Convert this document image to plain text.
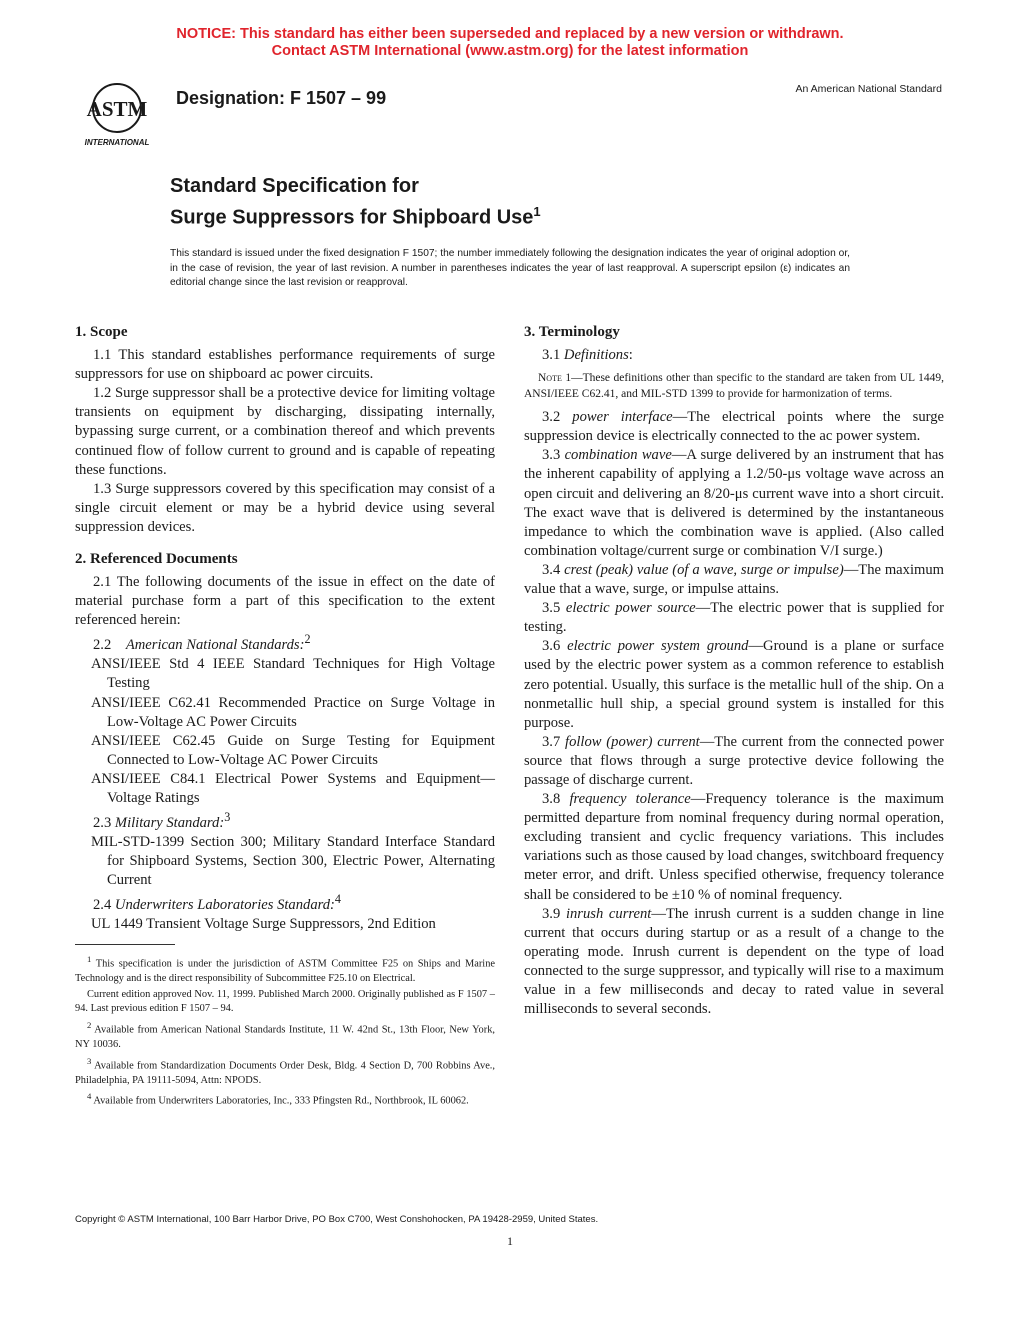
NOTICE: This standard has either been superseded and replaced by a new version or withdrawn.
Contact ASTM International (www.astm.org) for the latest information
ASTM
INTERNATIONAL
Designation: F 1507 – 99	An American National Standard
Standard Specification for
Surge Suppressors for Shipboard Use$^1$
This standard is issued under the fixed designation F 1507; the number immediately following the designation indicates the year of original adoption or, in the case of revision, the year of last revision. A number in parentheses indicates the year of last reapproval. A superscript epsilon (ε) indicates an editorial change since the last revision or reapproval.
1. Scope

1.1 This standard establishes performance requirements of surge suppressors for use on shipboard ac power circuits.

1.2 Surge suppressor shall be a protective device for limiting voltage transients on equipment by discharging, dissipating internally, bypassing surge current, or a combination thereof and which prevents continued flow of follow current to ground and is capable of repeating these functions.

1.3 Surge suppressors covered by this specification may consist of a single circuit element or may be a hybrid device using several suppression devices.

2. Referenced Documents

2.1 The following documents of the issue in effect on the date of material purchase form a part of this specification to the extent referenced herein:

2.2 American National Standards:$^2$

ANSI/IEEE Std 4 IEEE Standard Techniques for High Voltage Testing

ANSI/IEEE C62.41 Recommended Practice on Surge Voltage in Low-Voltage AC Power Circuits

ANSI/IEEE C62.45 Guide on Surge Testing for Equipment Connected to Low-Voltage AC Power Circuits

ANSI/IEEE C84.1 Electrical Power Systems and Equipment—Voltage Ratings

2.3 Military Standard:$^3$

MIL-STD-1399 Section 300; Military Standard Interface Standard for Shipboard Systems, Section 300, Electric Power, Alternating Current

2.4 Underwriters Laboratories Standard:$^4$

UL 1449 Transient Voltage Surge Suppressors, 2nd Edition

$^1$ This specification is under the jurisdiction of ASTM Committee F25 on Ships and Marine Technology and is the direct responsibility of Subcommittee F25.10 on Electrical.

Current edition approved Nov. 11, 1999. Published March 2000. Originally published as F 1507 – 94. Last previous edition F 1507 – 94.

$^2$ Available from American National Standards Institute, 11 W. 42nd St., 13th Floor, New York, NY 10036.

$^3$ Available from Standardization Documents Order Desk, Bldg. 4 Section D, 700 Robbins Ave., Philadelphia, PA 19111-5094, Attn: NPODS.

$^4$ Available from Underwriters Laboratories, Inc., 333 Pfingsten Rd., Northbrook, IL 60062.

3. Terminology

3.1 Definitions:

Note 1—These definitions other than specific to the standard are taken from UL 1449, ANSI/IEEE C62.41, and MIL-STD 1399 to provide for harmonization of terms.

3.2 power interface—The electrical points where the surge suppression device is electrically connected to the ac power system.

3.3 combination wave—A surge delivered by an instrument that has the inherent capability of applying a 1.2/50-μs voltage wave across an open circuit and delivering an 8/20-μs current wave into a short circuit. The exact wave that is delivered is determined by the instantaneous impedance to which the combination wave is applied. (Also called combination voltage/current surge or combination V/I surge.)

3.4 crest (peak) value (of a wave, surge or impulse)—The maximum value that a wave, surge, or impulse attains.

3.5 electric power source—The electric power that is supplied for testing.

3.6 electric power system ground—Ground is a plane or surface used by the electric power system as a common reference to establish zero potential. Usually, this surface is the metallic hull of the ship. On a nonmetallic hull ship, a special ground system is installed for this purpose.

3.7 follow (power) current—The current from the connected power source that flows through a surge protective device following the passage of discharge current.

3.8 frequency tolerance—Frequency tolerance is the maximum permitted departure from nominal frequency during normal operation, excluding transient and cyclic frequency variations. This includes variations such as those caused by load changes, switchboard frequency meter error, and drift. Unless specified otherwise, frequency tolerance shall be considered to be ±10 % of nominal frequency.

3.9 inrush current—The inrush current is a sudden change in line current that occurs during startup or as a result of a change to the operating mode. Inrush current is dependent on the type of load connected to the surge suppressor, and typically will rise to a maximum value in a few milliseconds and decay to rated value in several milliseconds to several seconds.

Copyright © ASTM International, 100 Barr Harbor Drive, PO Box C700, West Conshohocken, PA 19428-2959, United States.
1
